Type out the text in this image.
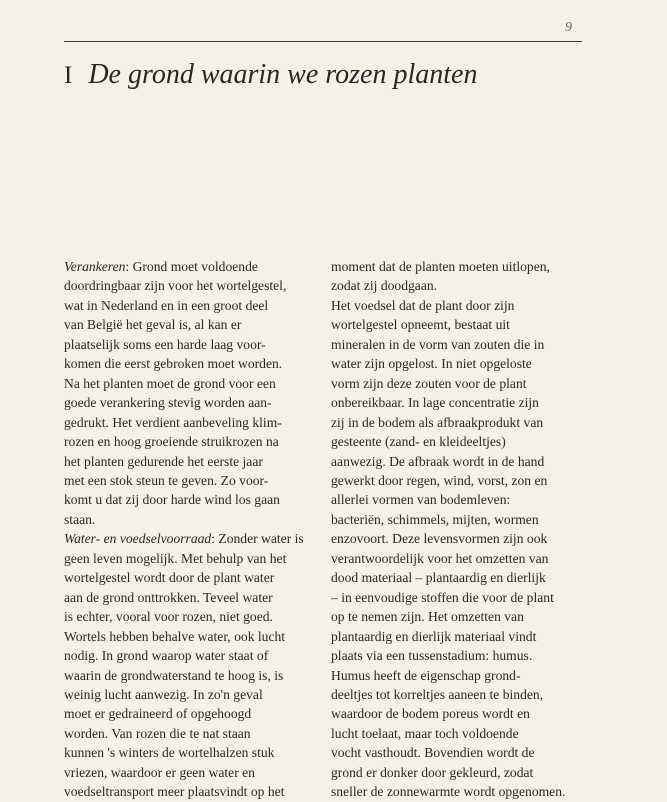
9
I De grond waarin we rozen planten
Verankeren: Grond moet voldoende
doordringbaar zijn voor het wortelgestel,
wat in Nederland en in een groot deel
van België het geval is, al kan er
plaatselijk soms een harde laag voor-
komen die eerst gebroken moet worden.
Na het planten moet de grond voor een
goede verankering stevig worden aan-
gedrukt. Het verdient aanbeveling klim-
rozen en hoog groeiende struikrozen na
het planten gedurende het eerste jaar
met een stok steun te geven. Zo voor-
komt u dat zij door harde wind los gaan
staan.
Water- en voedselvoorraad: Zonder water is
geen leven mogelijk. Met behulp van het
wortelgestel wordt door de plant water
aan de grond onttrokken. Teveel water
is echter, vooral voor rozen, niet goed.
Wortels hebben behalve water, ook lucht
nodig. In grond waarop water staat of
waarin de grondwaterstand te hoog is, is
weinig lucht aanwezig. In zo'n geval
moet er gedraineerd of opgehoogd
worden. Van rozen die te nat staan
kunnen 's winters de wortelhalzen stuk
vriezen, waardoor er geen water en
voedseltransport meer plaatsvindt op het
moment dat de planten moeten uitlopen,
zodat zij doodgaan.
Het voedsel dat de plant door zijn
wortelgestel opneemt, bestaat uit
mineralen in de vorm van zouten die in
water zijn opgelost. In niet opgeloste
vorm zijn deze zouten voor de plant
onbereikbaar. In lage concentratie zijn
zij in de bodem als afbraakprodukt van
gesteente (zand- en kleideeltjes)
aanwezig. De afbraak wordt in de hand
gewerkt door regen, wind, vorst, zon en
allerlei vormen van bodemleven:
bacteriën, schimmels, mijten, wormen
enzovoort. Deze levensvormen zijn ook
verantwoordelijk voor het omzetten van
dood materiaal – plantaardig en dierlijk
– in eenvoudige stoffen die voor de plant
op te nemen zijn. Het omzetten van
plantaardig en dierlijk materiaal vindt
plaats via een tussenstadium: humus.
Humus heeft de eigenschap grond-
deeltjes tot korreltjes aaneen te binden,
waardoor de bodem poreus wordt en
lucht toelaat, maar toch voldoende
vocht vasthoudt. Bovendien wordt de
grond er donker door gekleurd, zodat
sneller de zonnewarmte wordt opgenomen.
